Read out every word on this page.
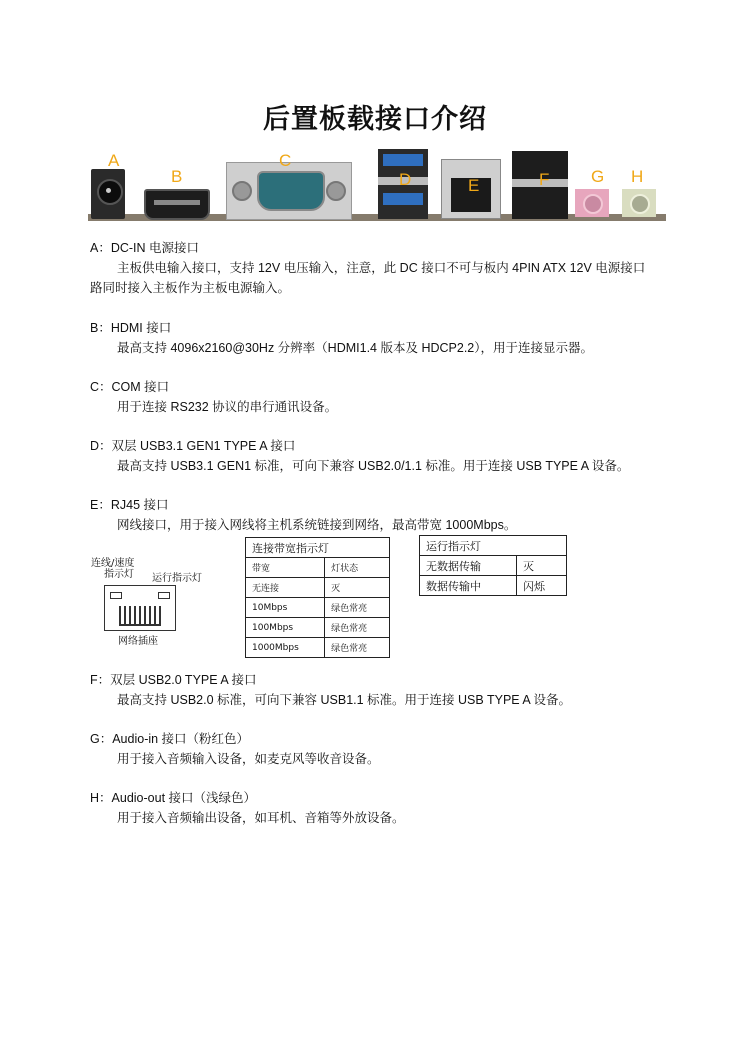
后置板载接口介绍
A
B
C
D	E	F G H

A：DC-IN 电源接口

主板供电输入接口，支持 12V 电压输入，注意，此 DC 接口不可与板内 4PIN ATX 12V 电源接口

路同时接入主板作为主板电源输入。

B：HDMI 接口

最高支持 4096x2160@30Hz 分辨率（HDMI1.4 版本及 HDCP2.2），用于连接显示器。

C：COM 接口

用于连接 RS232 协议的串行通讯设备。

D：双层 USB3.1 GEN1 TYPE A 接口

最高支持 USB3.1 GEN1 标准，可向下兼容 USB2.0/1.1 标准。用于连接 USB TYPE A 设备。

E：RJ45 接口

网线接口，用于接入网线将主机系统链接到网络，最高带宽 1000Mbps。

连线/速度
指示灯 运行指示灯
网络插座
连接带宽指示灯	
带宽	灯状态
无连接	灭
10Mbps	绿色常亮
100Mbps	绿色常亮
1000Mbps	绿色常亮
运行指示灯	
无数据传输	灭
数据传输中	闪烁

F：双层 USB2.0 TYPE A 接口

最高支持 USB2.0 标准，可向下兼容 USB1.1 标准。用于连接 USB TYPE A 设备。

G：Audio-in 接口（粉红色）

用于接入音频输入设备，如麦克风等收音设备。

H：Audio-out 接口（浅绿色）

用于接入音频输出设备，如耳机、音箱等外放设备。
